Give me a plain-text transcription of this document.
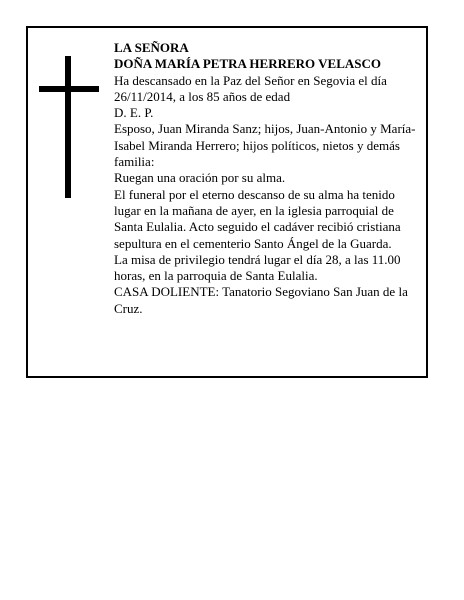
LA SEÑORA

DOÑA MARÍA PETRA HERRERO VELASCO

Ha descansado en la Paz del Señor en Segovia el día 26/11/2014, a los 85 años de edad

D. E. P.

Esposo, Juan Miranda Sanz; hijos, Juan-Antonio y María-Isabel Miranda Herrero; hijos políticos, nietos y demás familia:

Ruegan una oración por su alma.

El funeral por el eterno descanso de su alma ha tenido lugar en la mañana de ayer, en la iglesia parroquial de Santa Eulalia. Acto seguido el cadáver recibió cristiana sepultura en el cementerio Santo Ángel de la Guarda.

La misa de privilegio tendrá lugar el día 28, a las 11.00 horas, en la parroquia de Santa Eulalia.

CASA DOLIENTE: Tanatorio Segoviano San Juan de la Cruz.
